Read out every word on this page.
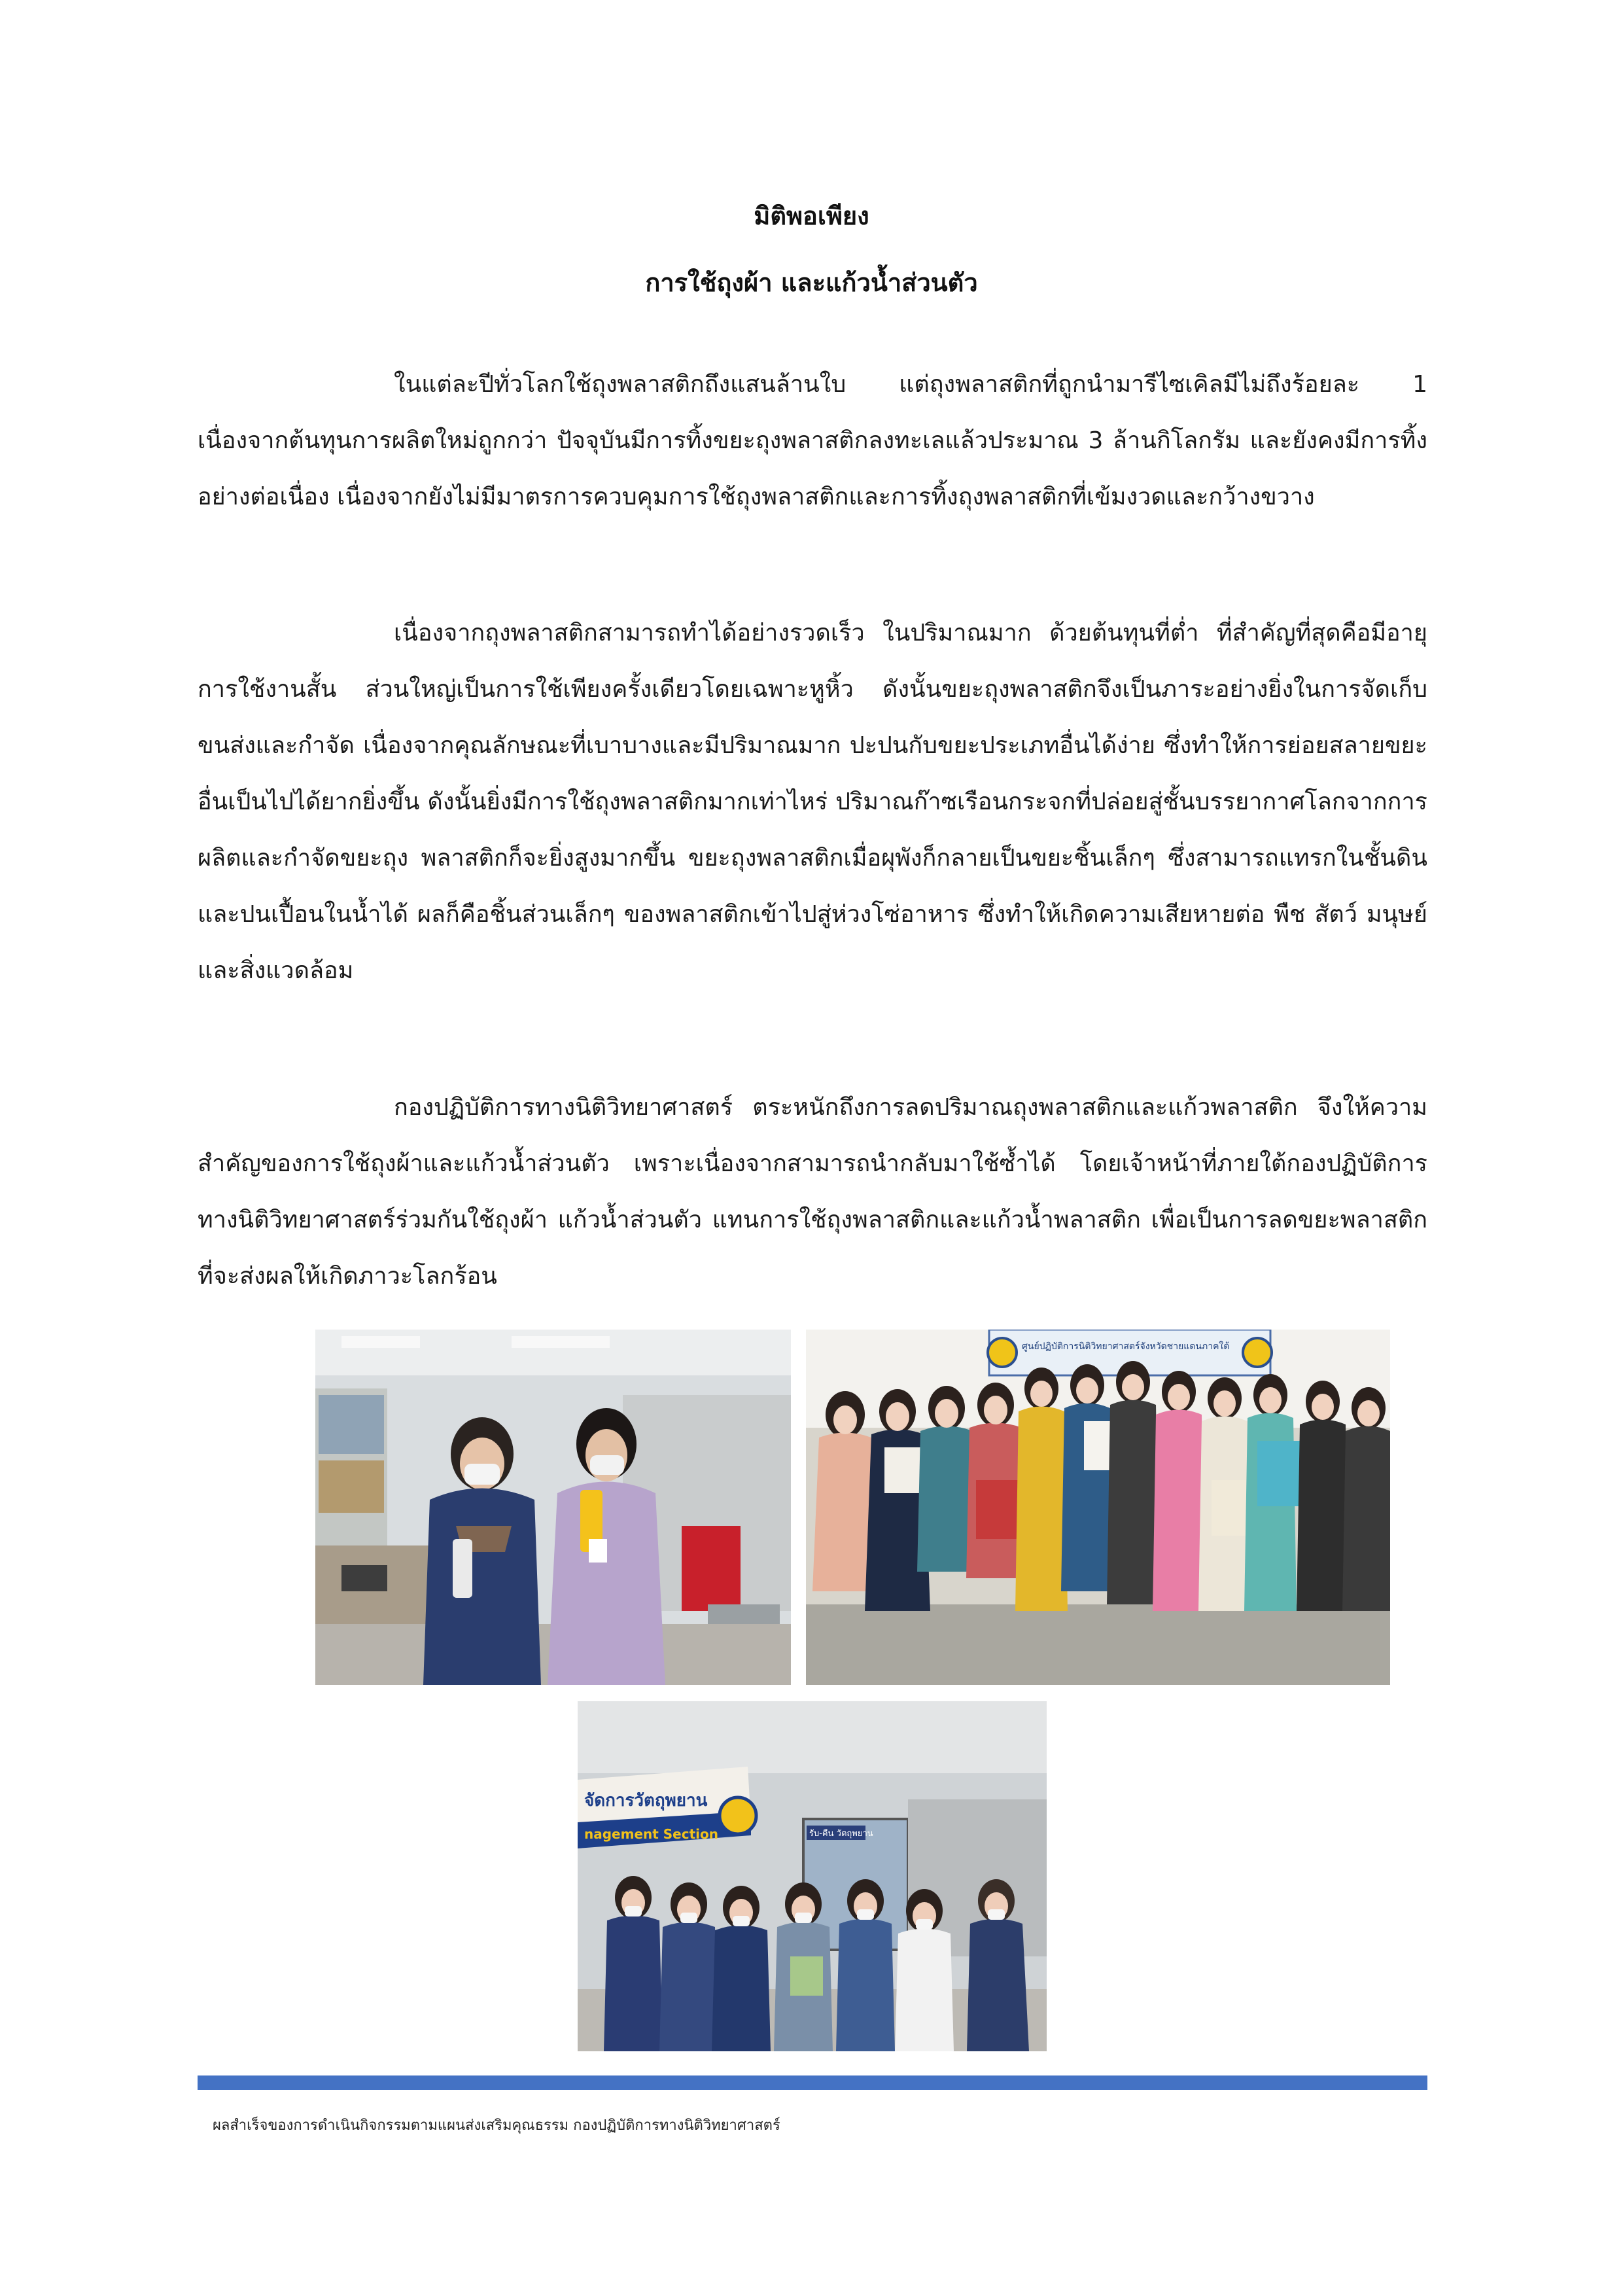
มิติพอเพียง
การใช้ถุงผ้า และแก้วน้ำส่วนตัว

ในแต่ละปีทั่วโลกใช้ถุงพลาสติกถึงแสนล้านใบ แต่ถุงพลาสติกที่ถูกนำมารีไซเคิลมีไม่ถึงร้อยละ 1 เนื่องจากต้นทุนการผลิตใหม่ถูกกว่า ปัจจุบันมีการทิ้งขยะถุงพลาสติกลงทะเลแล้วประมาณ 3 ล้านกิโลกรัม และยังคงมีการทิ้งอย่างต่อเนื่อง เนื่องจากยังไม่มีมาตรการควบคุมการใช้ถุงพลาสติกและการทิ้งถุงพลาสติกที่เข้มงวดและกว้างขวาง

เนื่องจากถุงพลาสติกสามารถทำได้อย่างรวดเร็ว ในปริมาณมาก ด้วยต้นทุนที่ต่ำ ที่สำคัญที่สุดคือมีอายุการใช้งานสั้น ส่วนใหญ่เป็นการใช้เพียงครั้งเดียวโดยเฉพาะหูหิ้ว ดังนั้นขยะถุงพลาสติกจึงเป็นภาระอย่างยิ่งในการจัดเก็บ ขนส่งและกำจัด เนื่องจากคุณลักษณะที่เบาบางและมีปริมาณมาก ปะปนกับขยะประเภทอื่นได้ง่าย ซึ่งทำให้การย่อยสลายขยะอื่นเป็นไปได้ยากยิ่งขึ้น ดังนั้นยิ่งมีการใช้ถุงพลาสติกมากเท่าไหร่ ปริมาณก๊าซเรือนกระจกที่ปล่อยสู่ชั้นบรรยากาศโลกจากการผลิตและกำจัดขยะถุง พลาสติกก็จะยิ่งสูงมากขึ้น ขยะถุงพลาสติกเมื่อผุพังก็กลายเป็นขยะชิ้นเล็กๆ ซึ่งสามารถแทรกในชั้นดินและปนเปื้อนในน้ำได้ ผลก็คือชิ้นส่วนเล็กๆ ของพลาสติกเข้าไปสู่ห่วงโซ่อาหาร ซึ่งทำให้เกิดความเสียหายต่อ พืช สัตว์ มนุษย์ และสิ่งแวดล้อม

กองปฏิบัติการทางนิติวิทยาศาสตร์ ตระหนักถึงการลดปริมาณถุงพลาสติกและแก้วพลาสติก จึงให้ความสำคัญของการใช้ถุงผ้าและแก้วน้ำส่วนตัว เพราะเนื่องจากสามารถนำกลับมาใช้ซ้ำได้ โดยเจ้าหน้าที่ภายใต้กองปฏิบัติการทางนิติวิทยาศาสตร์ร่วมกันใช้ถุงผ้า แก้วน้ำส่วนตัว แทนการใช้ถุงพลาสติกและแก้วน้ำพลาสติก เพื่อเป็นการลดขยะพลาสติกที่จะส่งผลให้เกิดภาวะโลกร้อน

ศูนย์ปฏิบัติการนิติวิทยาศาสตร์จังหวัดชายแดนภาคใต้
จัดการวัตถุพยาน
nagement Section	รับ-คืน วัตถุพยาน
ผลสำเร็จของการดำเนินกิจกรรมตามแผนส่งเสริมคุณธรรม กองปฏิบัติการทางนิติวิทยาศาสตร์
